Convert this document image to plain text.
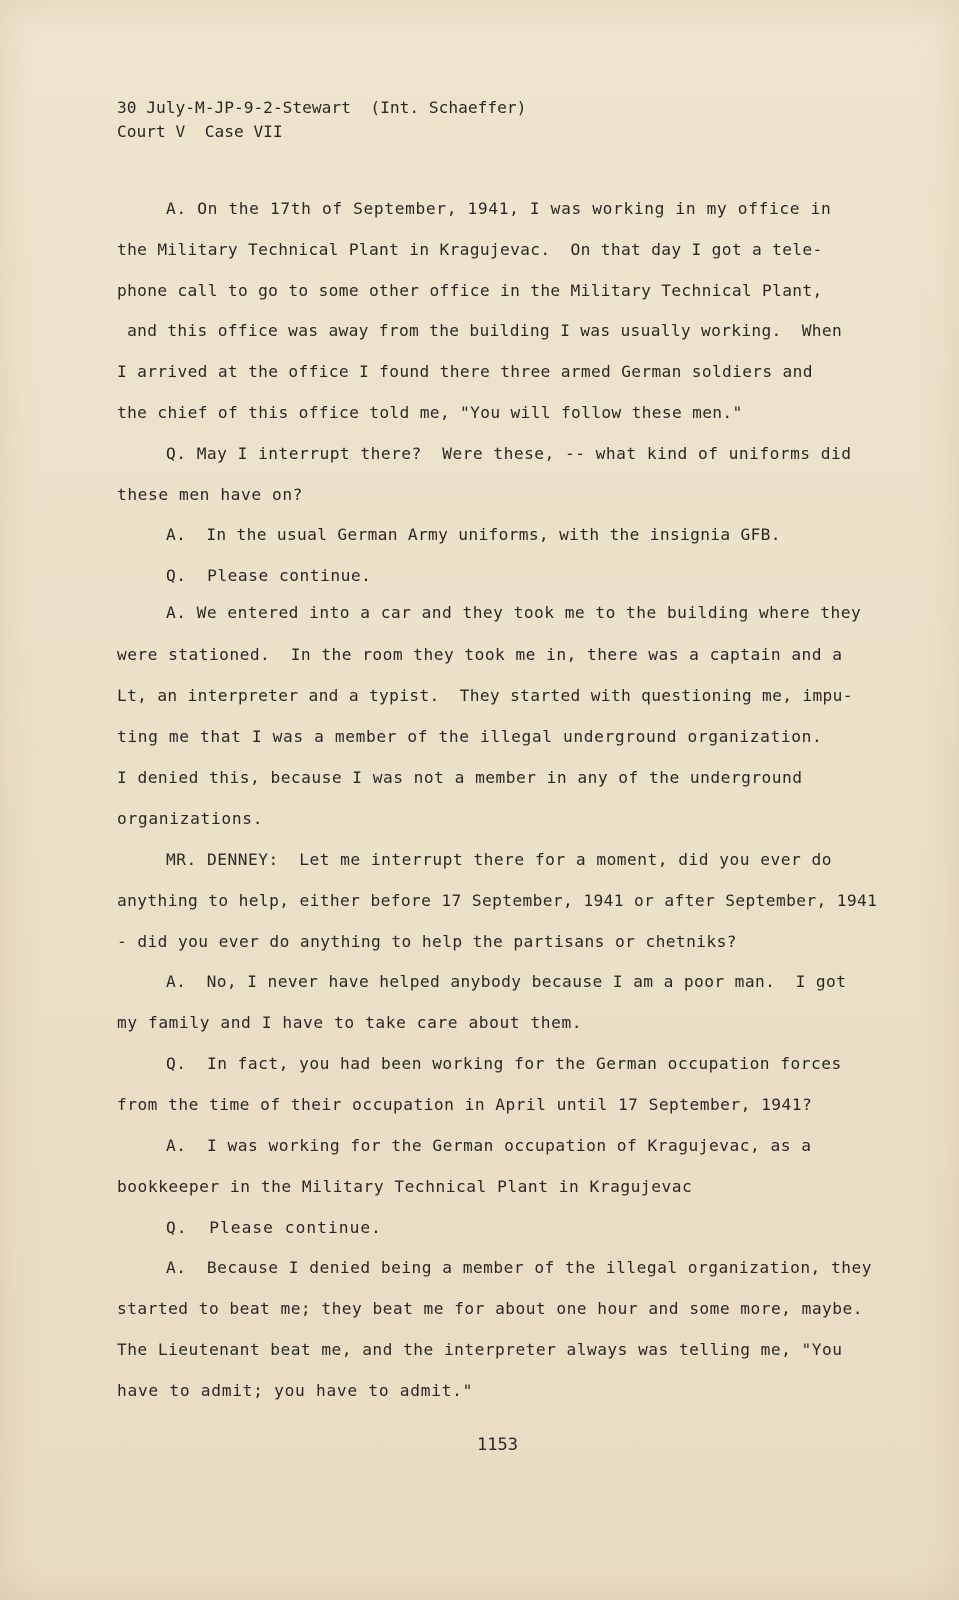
30 July-M-JP-9-2-Stewart  (Int. Schaeffer)
Court V  Case VII
A. On the 17th of September, 1941, I was working in my office in
the Military Technical Plant in Kragujevac.  On that day I got a tele-
phone call to go to some other office in the Military Technical Plant,
and this office was away from the building I was usually working.  When
I arrived at the office I found there three armed German soldiers and
the chief of this office told me, "You will follow these men."
Q. May I interrupt there?  Were these, -- what kind of uniforms did
these men have on?
A.  In the usual German Army uniforms, with the insignia GFB.
Q.  Please continue.
A. We entered into a car and they took me to the building where they
were stationed.  In the room they took me in, there was a captain and a
Lt, an interpreter and a typist.  They started with questioning me, impu-
ting me that I was a member of the illegal underground organization.
I denied this, because I was not a member in any of the underground
organizations.
MR. DENNEY:  Let me interrupt there for a moment, did you ever do
anything to help, either before 17 September, 1941 or after September, 1941
- did you ever do anything to help the partisans or chetniks?
A.  No, I never have helped anybody because I am a poor man.  I got
my family and I have to take care about them.
Q.  In fact, you had been working for the German occupation forces
from the time of their occupation in April until 17 September, 1941?
A.  I was working for the German occupation of Kragujevac, as a
bookkeeper in the Military Technical Plant in Kragujevac
Q.  Please continue.
A.  Because I denied being a member of the illegal organization, they
started to beat me; they beat me for about one hour and some more, maybe.
The Lieutenant beat me, and the interpreter always was telling me, "You
have to admit; you have to admit."
1153
